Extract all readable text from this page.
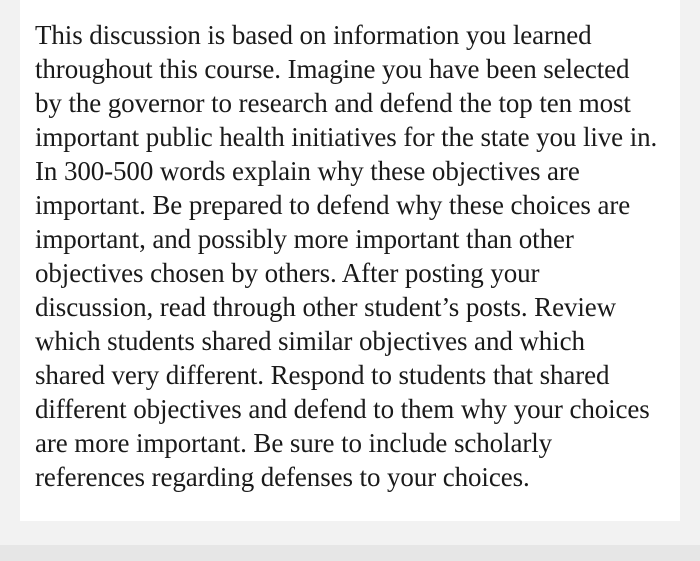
This discussion is based on information you learned
throughout this course. Imagine you have been selected
by the governor to research and defend the top ten most
important public health initiatives for the state you live in.
In 300-500 words explain why these objectives are
important. Be prepared to defend why these choices are
important, and possibly more important than other
objectives chosen by others. After posting your
discussion, read through other student’s posts. Review
which students shared similar objectives and which
shared very different. Respond to students that shared
different objectives and defend to them why your choices
are more important. Be sure to include scholarly
references regarding defenses to your choices.
